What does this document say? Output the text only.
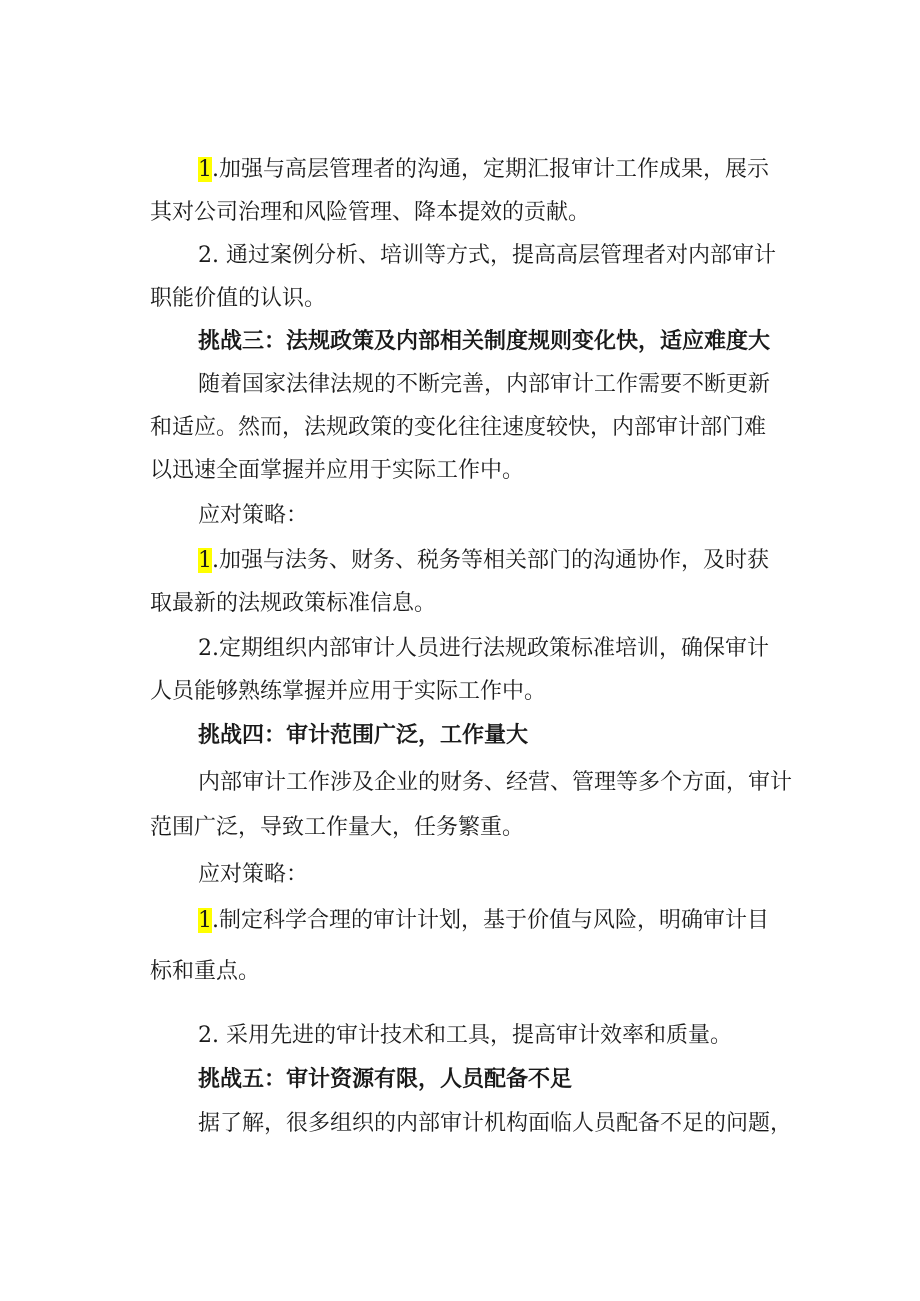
1.加强与高层管理者的沟通，定期汇报审计工作成果，展示
其对公司治理和风险管理、降本提效的贡献。
2. 通过案例分析、培训等方式，提高高层管理者对内部审计
职能价值的认识。
挑战三：法规政策及内部相关制度规则变化快，适应难度大
随着国家法律法规的不断完善，内部审计工作需要不断更新
和适应。然而，法规政策的变化往往速度较快，内部审计部门难
以迅速全面掌握并应用于实际工作中。
应对策略：
1.加强与法务、财务、税务等相关部门的沟通协作，及时获
取最新的法规政策标准信息。
2.定期组织内部审计人员进行法规政策标准培训，确保审计
人员能够熟练掌握并应用于实际工作中。
挑战四：审计范围广泛，工作量大
内部审计工作涉及企业的财务、经营、管理等多个方面，审计
范围广泛，导致工作量大，任务繁重。
应对策略：
1.制定科学合理的审计计划，基于价值与风险，明确审计目
标和重点。
2. 采用先进的审计技术和工具，提高审计效率和质量。
挑战五：审计资源有限，人员配备不足
据了解，很多组织的内部审计机构面临人员配备不足的问题，
